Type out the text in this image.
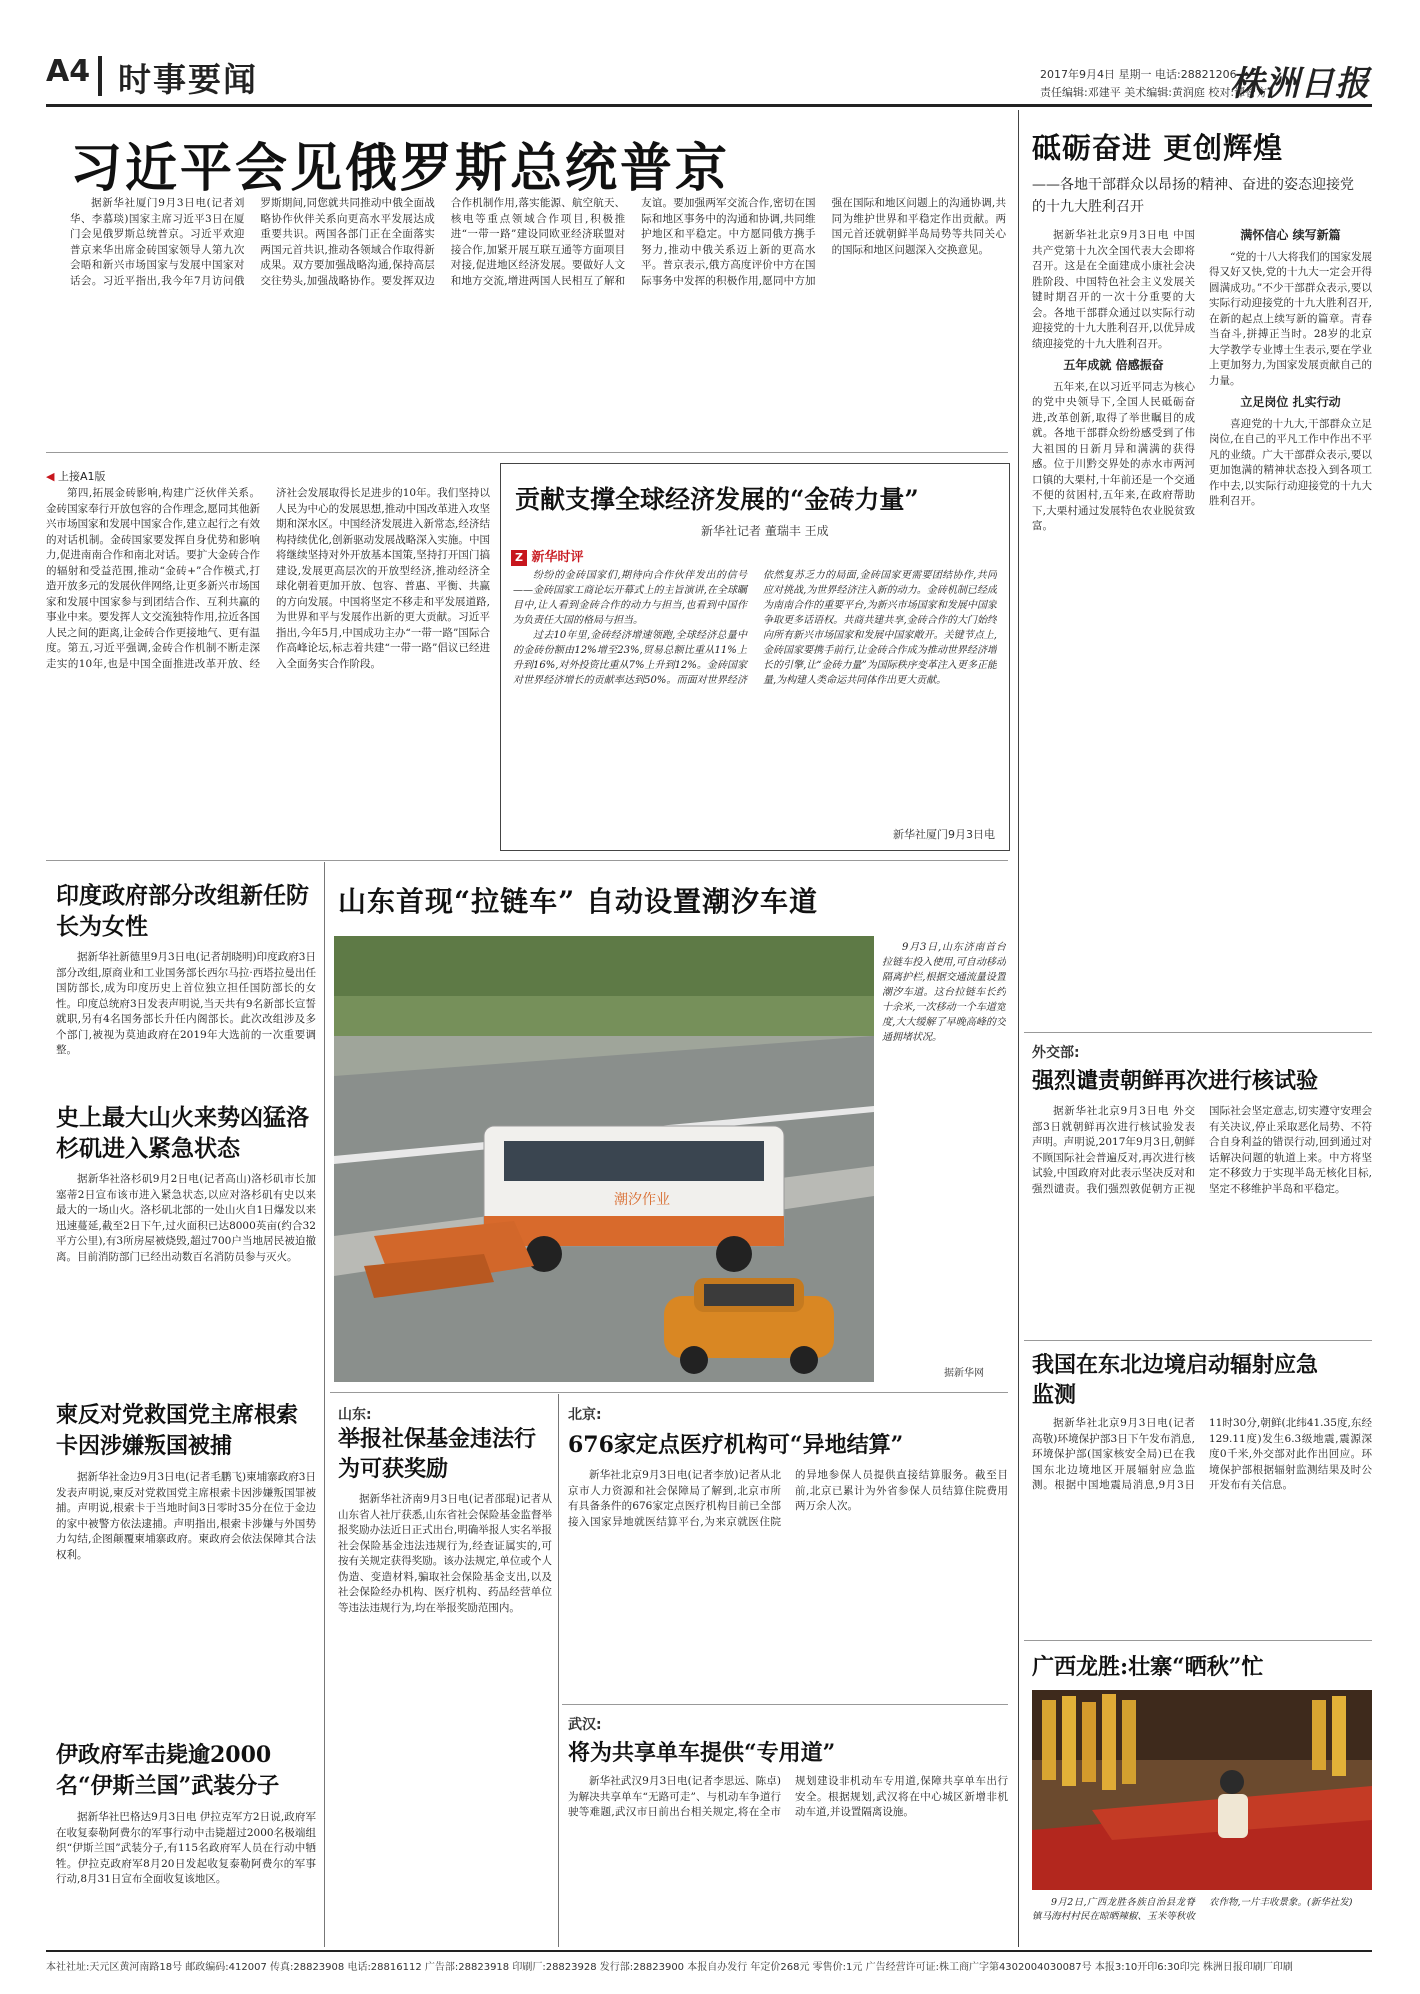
A4 时事要闻	2017年9月4日 星期一 电话:28821206
责任编辑:邓建平 美术编辑:黄润庭 校对:谭智方
株洲日报
习近平会见俄罗斯总统普京

据新华社厦门9月3日电(记者刘华、李慕琰)国家主席习近平3日在厦门会见俄罗斯总统普京。习近平欢迎普京来华出席金砖国家领导人第九次会晤和新兴市场国家与发展中国家对话会。习近平指出,我今年7月访问俄罗斯期间,同您就共同推动中俄全面战略协作伙伴关系向更高水平发展达成重要共识。两国各部门正在全面落实两国元首共识,推动各领域合作取得新成果。双方要加强战略沟通,保持高层交往势头,加强战略协作。要发挥双边合作机制作用,落实能源、航空航天、核电等重点领域合作项目,积极推进“一带一路”建设同欧亚经济联盟对接合作,加紧开展互联互通等方面项目对接,促进地区经济发展。要做好人文和地方交流,增进两国人民相互了解和友谊。要加强两军交流合作,密切在国际和地区事务中的沟通和协调,共同维护地区和平稳定。中方愿同俄方携手努力,推动中俄关系迈上新的更高水平。普京表示,俄方高度评价中方在国际事务中发挥的积极作用,愿同中方加强在国际和地区问题上的沟通协调,共同为维护世界和平稳定作出贡献。两国元首还就朝鲜半岛局势等共同关心的国际和地区问题深入交换意见。

◀ 上接A1版

第四,拓展金砖影响,构建广泛伙伴关系。金砖国家奉行开放包容的合作理念,愿同其他新兴市场国家和发展中国家合作,建立起行之有效的对话机制。金砖国家要发挥自身优势和影响力,促进南南合作和南北对话。要扩大金砖合作的辐射和受益范围,推动“金砖+”合作模式,打造开放多元的发展伙伴网络,让更多新兴市场国家和发展中国家参与到团结合作、互利共赢的事业中来。要发挥人文交流独特作用,拉近各国人民之间的距离,让金砖合作更接地气、更有温度。第五,习近平强调,金砖合作机制不断走深走实的10年,也是中国全面推进改革开放、经济社会发展取得长足进步的10年。我们坚持以人民为中心的发展思想,推动中国改革进入攻坚期和深水区。中国经济发展进入新常态,经济结构持续优化,创新驱动发展战略深入实施。中国将继续坚持对外开放基本国策,坚持打开国门搞建设,发展更高层次的开放型经济,推动经济全球化朝着更加开放、包容、普惠、平衡、共赢的方向发展。中国将坚定不移走和平发展道路,为世界和平与发展作出新的更大贡献。习近平指出,今年5月,中国成功主办“一带一路”国际合作高峰论坛,标志着共建“一带一路”倡议已经进入全面务实合作阶段。

贡献支撑全球经济发展的“金砖力量”
新华社记者 董瑞丰 王成
Z 新华时评

纷纷的金砖国家们,期待向合作伙伴发出的信号——金砖国家工商论坛开幕式上的主旨演讲,在全球瞩目中,让人看到金砖合作的动力与担当,也看到中国作为负责任大国的格局与担当。

过去10年里,金砖经济增速领跑,全球经济总量中的金砖份额由12%增至23%,贸易总额比重从11%上升到16%,对外投资比重从7%上升到12%。金砖国家对世界经济增长的贡献率达到50%。而面对世界经济依然复苏乏力的局面,金砖国家更需要团结协作,共同应对挑战,为世界经济注入新的动力。金砖机制已经成为南南合作的重要平台,为新兴市场国家和发展中国家争取更多话语权。共商共建共享,金砖合作的大门始终向所有新兴市场国家和发展中国家敞开。关键节点上,金砖国家要携手前行,让金砖合作成为推动世界经济增长的引擎,让“金砖力量”为国际秩序变革注入更多正能量,为构建人类命运共同体作出更大贡献。

新华社厦门9月3日电
印度政府部分改组新任防长为女性

据新华社新德里9月3日电(记者胡晓明)印度政府3日部分改组,原商业和工业国务部长西尔马拉·西塔拉曼出任国防部长,成为印度历史上首位独立担任国防部长的女性。印度总统府3日发表声明说,当天共有9名新部长宣誓就职,另有4名国务部长升任内阁部长。此次改组涉及多个部门,被视为莫迪政府在2019年大选前的一次重要调整。

史上最大山火来势凶猛洛杉矶进入紧急状态

据新华社洛杉矶9月2日电(记者高山)洛杉矶市长加塞蒂2日宣布该市进入紧急状态,以应对洛杉矶有史以来最大的一场山火。洛杉矶北部的一处山火自1日爆发以来迅速蔓延,截至2日下午,过火面积已达8000英亩(约合32平方公里),有3所房屋被烧毁,超过700户当地居民被迫撤离。目前消防部门已经出动数百名消防员参与灭火。

柬反对党救国党主席根索卡因涉嫌叛国被捕

据新华社金边9月3日电(记者毛鹏飞)柬埔寨政府3日发表声明说,柬反对党救国党主席根索卡因涉嫌叛国罪被捕。声明说,根索卡于当地时间3日零时35分在位于金边的家中被警方依法逮捕。声明指出,根索卡涉嫌与外国势力勾结,企图颠覆柬埔寨政府。柬政府会依法保障其合法权利。

伊政府军击毙逾2000名“伊斯兰国”武装分子

据新华社巴格达9月3日电 伊拉克军方2日说,政府军在收复泰勒阿费尔的军事行动中击毙超过2000名极端组织“伊斯兰国”武装分子,有115名政府军人员在行动中牺牲。伊拉克政府军8月20日发起收复泰勒阿费尔的军事行动,8月31日宣布全面收复该地区。

山东首现“拉链车” 自动设置潮汐车道
潮汐作业

9月3日,山东济南首台拉链车投入使用,可自动移动隔离护栏,根据交通流量设置潮汐车道。这台拉链车长约十余米,一次移动一个车道宽度,大大缓解了早晚高峰的交通拥堵状况。

据新华网
山东:
举报社保基金违法行为可获奖励

据新华社济南9月3日电(记者邵琨)记者从山东省人社厅获悉,山东省社会保险基金监督举报奖励办法近日正式出台,明确举报人实名举报社会保险基金违法违规行为,经查证属实的,可按有关规定获得奖励。该办法规定,单位或个人伪造、变造材料,骗取社会保险基金支出,以及社会保险经办机构、医疗机构、药品经营单位等违法违规行为,均在举报奖励范围内。

北京:
676家定点医疗机构可“异地结算”

新华社北京9月3日电(记者李放)记者从北京市人力资源和社会保障局了解到,北京市所有具备条件的676家定点医疗机构目前已全部接入国家异地就医结算平台,为来京就医住院的异地参保人员提供直接结算服务。截至目前,北京已累计为外省参保人员结算住院费用两万余人次。

武汉:
将为共享单车提供“专用道”

新华社武汉9月3日电(记者李思远、陈卓)为解决共享单车“无路可走”、与机动车争道行驶等难题,武汉市日前出台相关规定,将在全市规划建设非机动车专用道,保障共享单车出行安全。根据规划,武汉将在中心城区新增非机动车道,并设置隔离设施。

砥砺奋进 更创辉煌
——各地干部群众以昂扬的精神、奋进的姿态迎接党的十九大胜利召开

据新华社北京9月3日电 中国共产党第十九次全国代表大会即将召开。这是在全面建成小康社会决胜阶段、中国特色社会主义发展关键时期召开的一次十分重要的大会。各地干部群众通过以实际行动迎接党的十九大胜利召开,以优异成绩迎接党的十九大胜利召开。

五年成就 倍感振奋

五年来,在以习近平同志为核心的党中央领导下,全国人民砥砺奋进,改革创新,取得了举世瞩目的成就。各地干部群众纷纷感受到了伟大祖国的日新月异和满满的获得感。位于川黔交界处的赤水市两河口镇的大栗村,十年前还是一个交通不便的贫困村,五年来,在政府帮助下,大栗村通过发展特色农业脱贫致富。

满怀信心 续写新篇

“党的十八大将我们的国家发展得又好又快,党的十九大一定会开得圆满成功。”不少干部群众表示,要以实际行动迎接党的十九大胜利召开,在新的起点上续写新的篇章。青春当奋斗,拼搏正当时。28岁的北京大学教学专业博士生表示,要在学业上更加努力,为国家发展贡献自己的力量。

立足岗位 扎实行动

喜迎党的十九大,干部群众立足岗位,在自己的平凡工作中作出不平凡的业绩。广大干部群众表示,要以更加饱满的精神状态投入到各项工作中去,以实际行动迎接党的十九大胜利召开。

外交部:
强烈谴责朝鲜再次进行核试验

据新华社北京9月3日电 外交部3日就朝鲜再次进行核试验发表声明。声明说,2017年9月3日,朝鲜不顾国际社会普遍反对,再次进行核试验,中国政府对此表示坚决反对和强烈谴责。我们强烈敦促朝方正视国际社会坚定意志,切实遵守安理会有关决议,停止采取恶化局势、不符合自身利益的错误行动,回到通过对话解决问题的轨道上来。中方将坚定不移致力于实现半岛无核化目标,坚定不移维护半岛和平稳定。

我国在东北边境启动辐射应急监测

据新华社北京9月3日电(记者高敬)环境保护部3日下午发布消息,环境保护部(国家核安全局)已在我国东北边境地区开展辐射应急监测。根据中国地震局消息,9月3日11时30分,朝鲜(北纬41.35度,东经129.11度)发生6.3级地震,震源深度0千米,外交部对此作出回应。环境保护部根据辐射监测结果及时公开发布有关信息。

广西龙胜:壮寨“晒秋”忙

9月2日,广西龙胜各族自治县龙脊镇马海村村民在晾晒辣椒、玉米等秋收农作物,一片丰收景象。(新华社发)

本社社址:天元区黄河南路18号 邮政编码:412007 传真:28823908 电话:28816112 广告部:28823918 印刷厂:28823928 发行部:28823900 本报自办发行 年定价268元 零售价:1元 广告经营许可证:株工商广字第4302004030087号 本报3:10开印6:30印完 株洲日报印刷厂印刷
